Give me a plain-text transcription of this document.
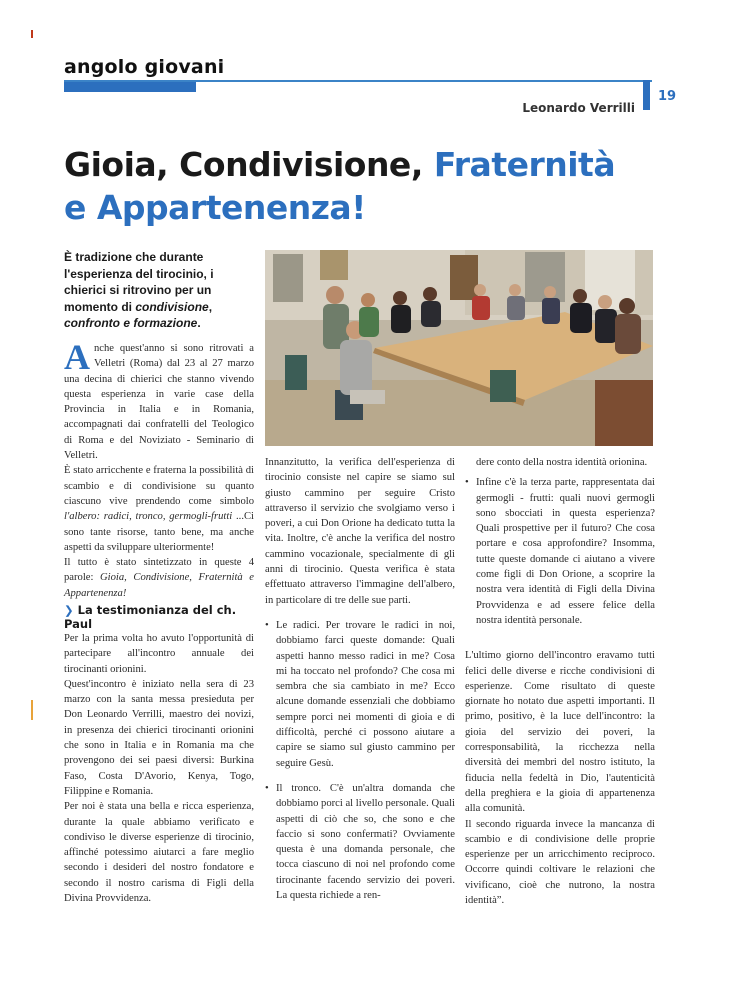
angolo giovani
19
Leonardo Verrilli
Gioia, Condivisione, Fraternità
e Appartenenza!
È tradizione che durante l'esperienza del tirocinio, i chierici si ritrovino per un momento di condivisione, confronto e formazione.

Anche quest'anno si sono ritrovati a Velletri (Roma) dal 23 al 27 marzo una decina di chierici che stanno vivendo questa esperienza in varie case della Provincia in Italia e in Romania, accompagnati dai confratelli del Teologico di Roma e del Noviziato - Seminario di Velletri.

È stato arricchente e fraterna la possibilità di scambio e di condivisione su quanto ciascuno vive prendendo come simbolo l'albero: radici, tronco, germogli-frutti ...Ci sono tante risorse, tanto bene, ma anche aspetti da sviluppare ulteriormente!

Il tutto è stato sintetizzato in queste 4 parole: Gioia, Condivisione, Fraternità e Appartenenza!

❯ La testimonianza del ch. Paul

Per la prima volta ho avuto l'opportunità di partecipare all'incontro annuale dei tirocinanti orionini.

Quest'incontro è iniziato nella sera di 23 marzo con la santa messa presieduta per Don Leonardo Verrilli, maestro dei novizi, in presenza dei chierici tirocinanti orionini che sono in Italia e in Romania ma che provengono dei sei paesi diversi: Burkina Faso, Costa D'Avorio, Kenya, Togo, Filippine e Romania.

Per noi è stata una bella e ricca esperienza, durante la quale abbiamo verificato e condiviso le diverse esperienze di tirocinio, affinché potessimo aiutarci a fare meglio secondo i desideri del nostro fondatore e secondo il nostro carisma di Figli della Divina Provvidenza.

Innanzitutto, la verifica dell'esperienza di tirocinio consiste nel capire se siamo sul giusto cammino per seguire Cristo attraverso il servizio che svolgiamo verso i poveri, a cui Don Orione ha dedicato tutta la vita. Inoltre, c'è anche la verifica del nostro cammino vocazionale, specialmente di gli anni di tirocinio. Questa verifica è stata effettuato attraverso l'immagine dell'albero, in particolare di tre delle sue parti.

• Le radici. Per trovare le radici in noi, dobbiamo farci queste domande: Quali aspetti hanno messo radici in me? Cosa mi ha toccato nel profondo? Che cosa mi sembra che sia cambiato in me? Ecco alcune domande essenziali che dobbiamo sempre porci nei momenti di gioia e di difficoltà, perché ci possono aiutare a capire se siamo sul giusto cammino per seguire Gesù.

• Il tronco. C'è un'altra domanda che dobbiamo porci al livello personale. Quali aspetti di ciò che so, che sono e che faccio si sono confermati? Ovviamente questa è una domanda personale, che tocca ciascuno di noi nel profondo come tirocinante facendo servizio dei poveri. La questa richiede a ren-

dere conto della nostra identità orionina.

• Infine c'è la terza parte, rappresentata dai germogli - frutti: quali nuovi germogli sono sbocciati in questa esperienza? Quali prospettive per il futuro? Che cosa portare e cosa approfondire? Insomma, tutte queste domande ci aiutano a vivere come figli di Don Orione, a scoprire la nostra vera identità di Figli della Divina Provvidenza e ad essere felice della nostra identità personale.

L'ultimo giorno dell'incontro eravamo tutti felici delle diverse e ricche condivisioni di esperienze. Come risultato di queste giornate ho notato due aspetti importanti. Il primo, positivo, è la luce dell'incontro: la gioia del servizio dei poveri, la corresponsabilità, la ricchezza nella diversità dei membri del nostro istituto, la fiducia nella fedeltà in Dio, l'autenticità della preghiera e la gioia di appartenenza alla comunità.

Il secondo riguarda invece la mancanza di scambio e di condivisione delle proprie esperienze per un arricchimento reciproco. Occorre quindi coltivare le relazioni che vivificano, cioè che nutrono, la nostra identità”.
